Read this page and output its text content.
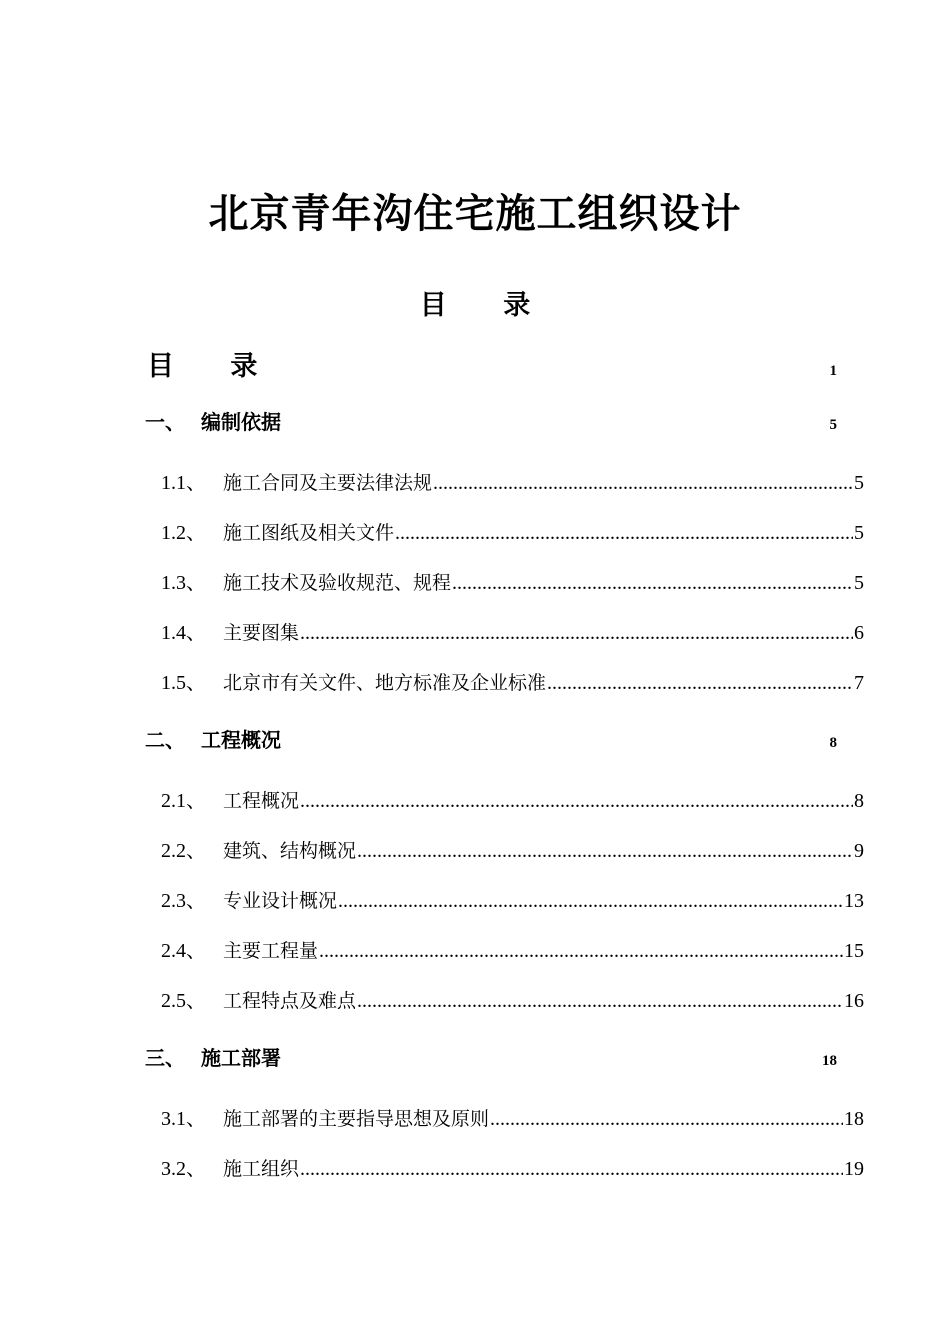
北京青年沟住宅施工组织设计
目      录
目      录	1
一、 编制依据	5
1.1、 施工合同及主要法律法规 .....	5
1.2、 施工图纸及相关文件 .....	5
1.3、 施工技术及验收规范、规程 .....	5
1.4、 主要图集 .....	6
1.5、 北京市有关文件、地方标准及企业标准 .....	7
二、 工程概况	8
2.1、 工程概况 .....	8
2.2、 建筑、结构概况 .....	9
2.3、 专业设计概况 .....	13
2.4、 主要工程量 .....	15
2.5、 工程特点及难点 .....	16
三、 施工部署	18
3.1、 施工部署的主要指导思想及原则 .....	18
3.2、 施工组织 .....	19
